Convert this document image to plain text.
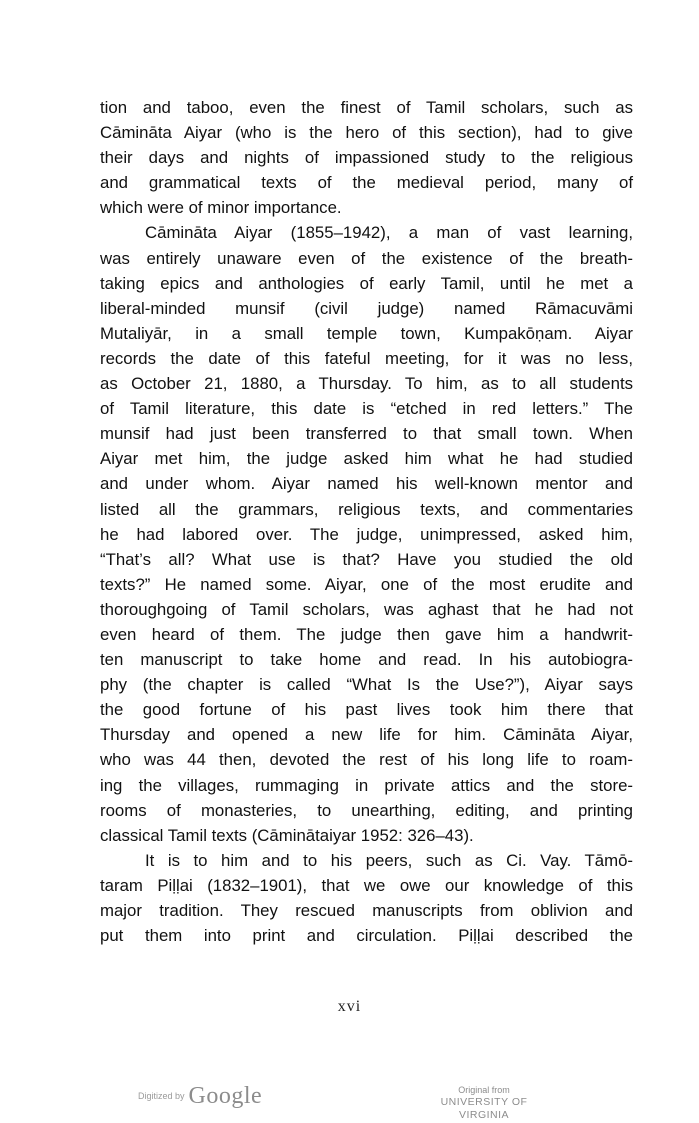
tion and taboo, even the finest of Tamil scholars, such as
Cāmināta Aiyar (who is the hero of this section), had to give
their days and nights of impassioned study to the religious
and grammatical texts of the medieval period, many of
which were of minor importance.
Cāmināta Aiyar (1855–1942), a man of vast learning,
was entirely unaware even of the existence of the breath-
taking epics and anthologies of early Tamil, until he met a
liberal-minded munsif (civil judge) named Rāmacuvāmi
Mutaliyār, in a small temple town, Kumpakōṇam. Aiyar
records the date of this fateful meeting, for it was no less,
as October 21, 1880, a Thursday. To him, as to all students
of Tamil literature, this date is “etched in red letters.” The
munsif had just been transferred to that small town. When
Aiyar met him, the judge asked him what he had studied
and under whom. Aiyar named his well-known mentor and
listed all the grammars, religious texts, and commentaries
he had labored over. The judge, unimpressed, asked him,
“That’s all? What use is that? Have you studied the old
texts?” He named some. Aiyar, one of the most erudite and
thoroughgoing of Tamil scholars, was aghast that he had not
even heard of them. The judge then gave him a handwrit-
ten manuscript to take home and read. In his autobiogra-
phy (the chapter is called “What Is the Use?”), Aiyar says
the good fortune of his past lives took him there that
Thursday and opened a new life for him. Cāmināta Aiyar,
who was 44 then, devoted the rest of his long life to roam-
ing the villages, rummaging in private attics and the store-
rooms of monasteries, to unearthing, editing, and printing
classical Tamil texts (Cāminātaiyar 1952: 326–43).
It is to him and to his peers, such as Ci. Vay. Tāmō-
taram Piḷḷai (1832–1901), that we owe our knowledge of this
major tradition. They rescued manuscripts from oblivion and
put them into print and circulation. Piḷḷai described the
xvi
$^{Digitized by}$ Google	Original from
UNIVERSITY OF VIRGINIA
